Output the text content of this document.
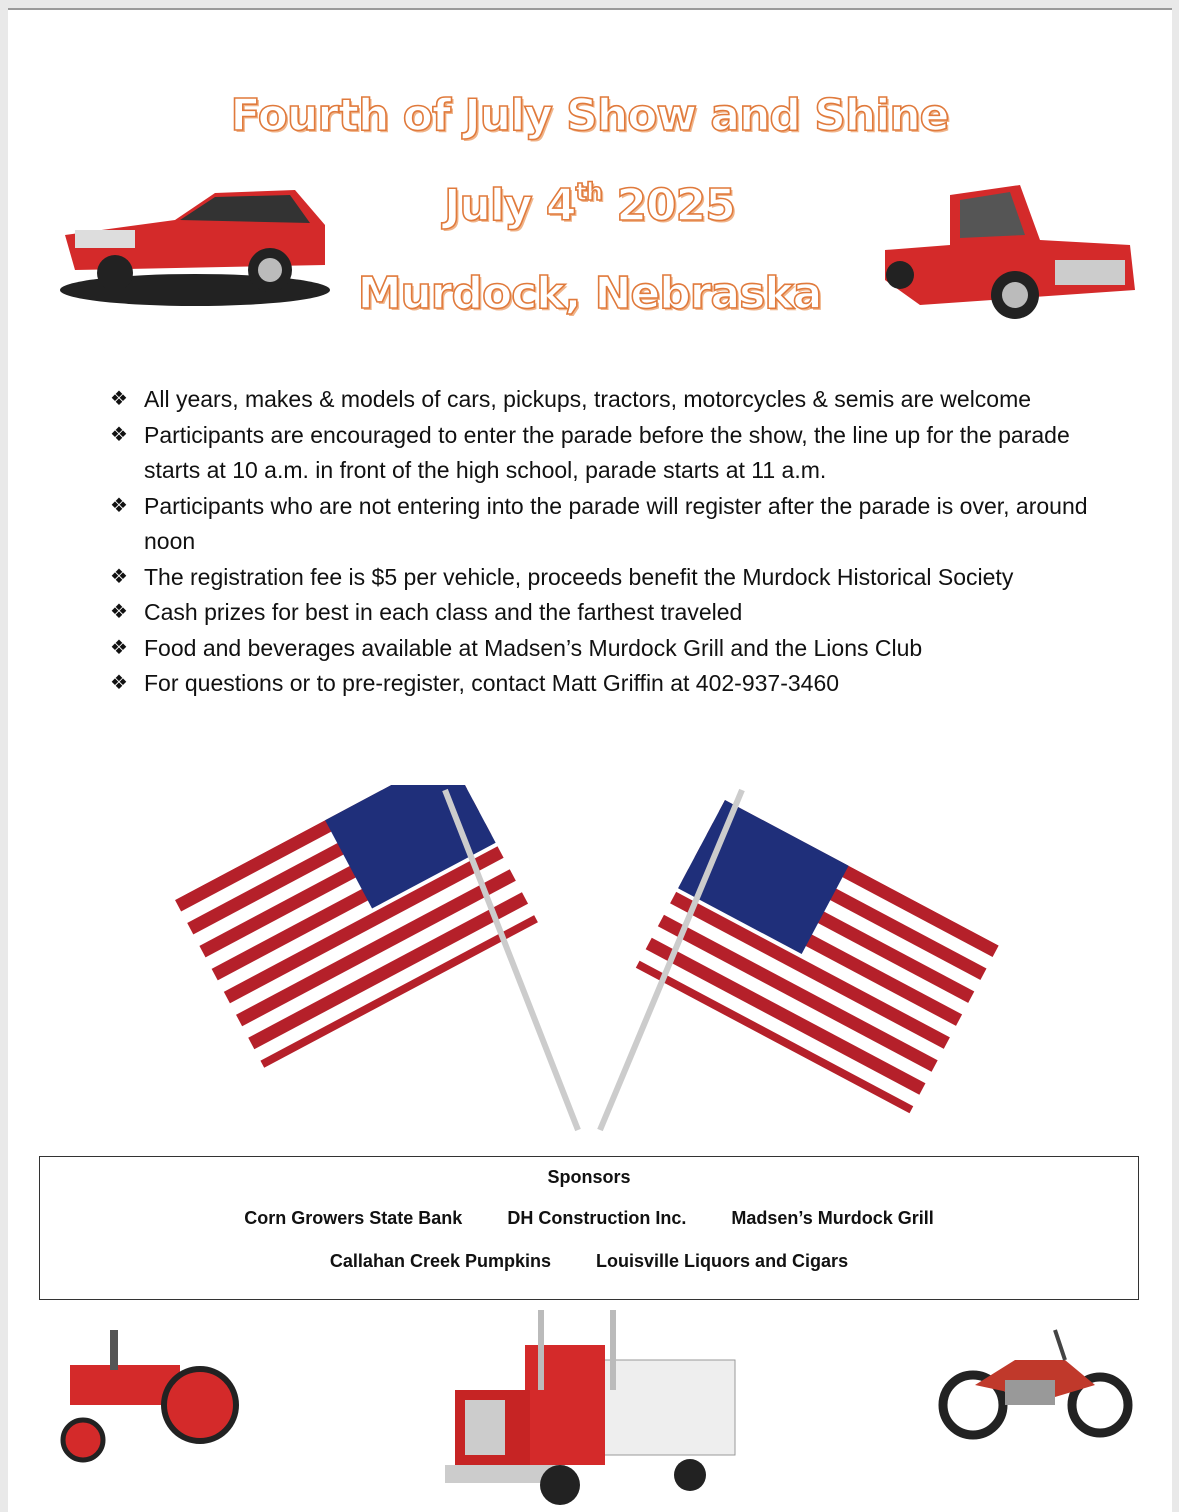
Fourth of July Show and Shine
July 4th 2025
Murdock, Nebraska
❖ All years, makes & models of cars, pickups, tractors, motorcycles & semis are welcome
❖ Participants are encouraged to enter the parade before the show, the line up for the parade starts at 10 a.m. in front of the high school, parade starts at 11 a.m.
❖ Participants who are not entering into the parade will register after the parade is over, around noon
❖ The registration fee is $5 per vehicle, proceeds benefit the Murdock Historical Society
❖ Cash prizes for best in each class and the farthest traveled
❖ Food and beverages available at Madsen’s Murdock Grill and the Lions Club
❖ For questions or to pre-register, contact Matt Griffin at 402-937-3460
Sponsors
Corn Growers State Bank	DH Construction Inc.	Madsen’s Murdock Grill
Callahan Creek Pumpkins	Louisville Liquors and Cigars
